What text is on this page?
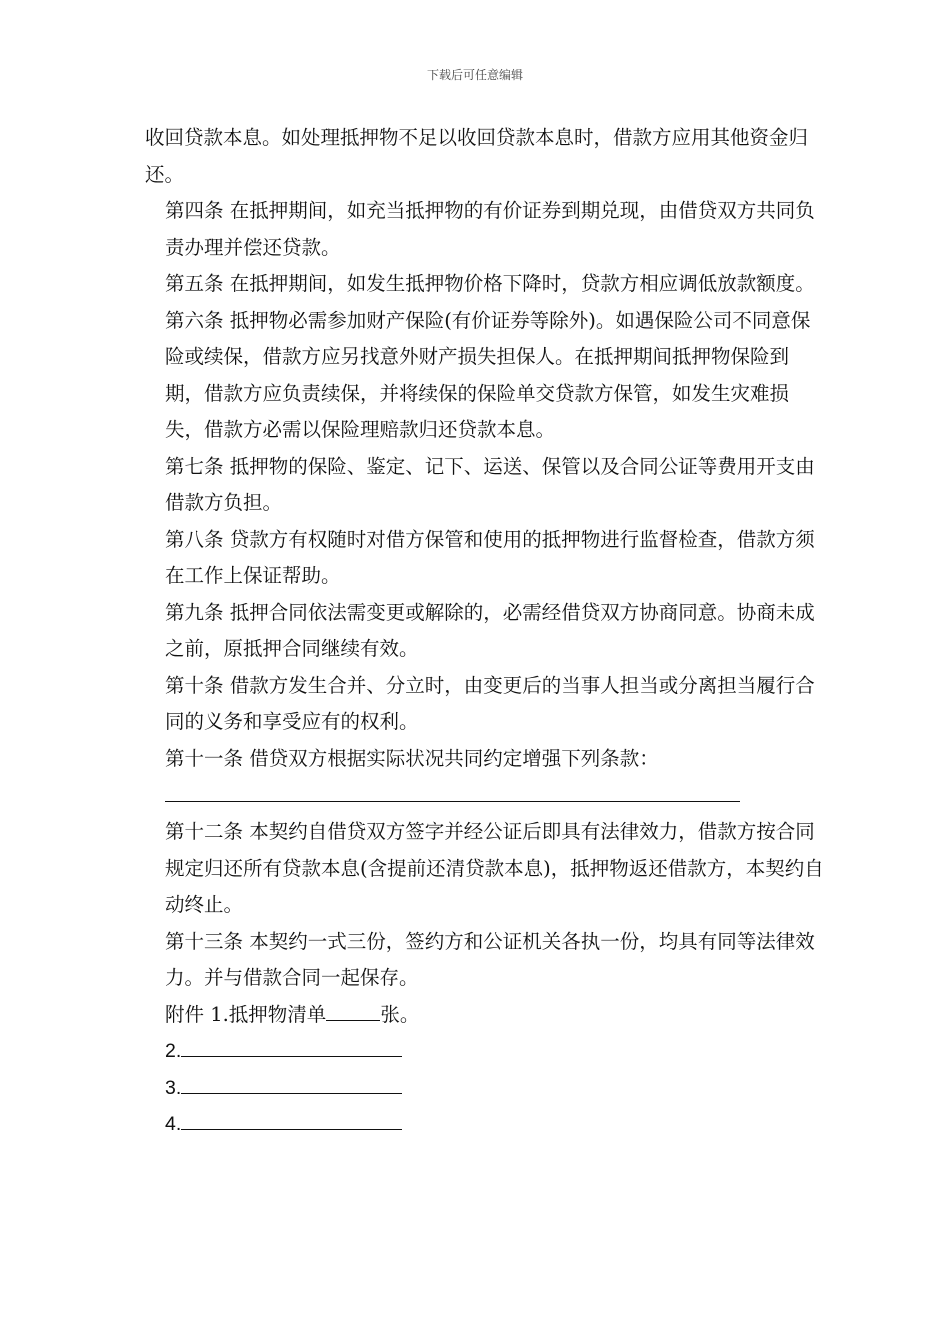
下载后可任意编辑

收回贷款本息。如处理抵押物不足以收回贷款本息时，借款方应用其他资金归还。

第四条 在抵押期间，如充当抵押物的有价证券到期兑现，由借贷双方共同负责办理并偿还贷款。

第五条 在抵押期间，如发生抵押物价格下降时，贷款方相应调低放款额度。

第六条 抵押物必需参加财产保险(有价证券等除外)。如遇保险公司不同意保险或续保，借款方应另找意外财产损失担保人。在抵押期间抵押物保险到期，借款方应负责续保，并将续保的保险单交贷款方保管，如发生灾难损失，借款方必需以保险理赔款归还贷款本息。

第七条 抵押物的保险、鉴定、记下、运送、保管以及合同公证等费用开支由借款方负担。

第八条 贷款方有权随时对借方保管和使用的抵押物进行监督检查，借款方须在工作上保证帮助。

第九条 抵押合同依法需变更或解除的，必需经借贷双方协商同意。协商未成之前，原抵押合同继续有效。

第十条 借款方发生合并、分立时，由变更后的当事人担当或分离担当履行合同的义务和享受应有的权利。

第十一条 借贷双方根据实际状况共同约定增强下列条款：

第十二条 本契约自借贷双方签字并经公证后即具有法律效力，借款方按合同规定归还所有贷款本息(含提前还清贷款本息)，抵押物返还借款方，本契约自动终止。

第十三条 本契约一式三份，签约方和公证机关各执一份，均具有同等法律效力。并与借款合同一起保存。

附件 1.抵押物清单	张。

2.

3.

4.
